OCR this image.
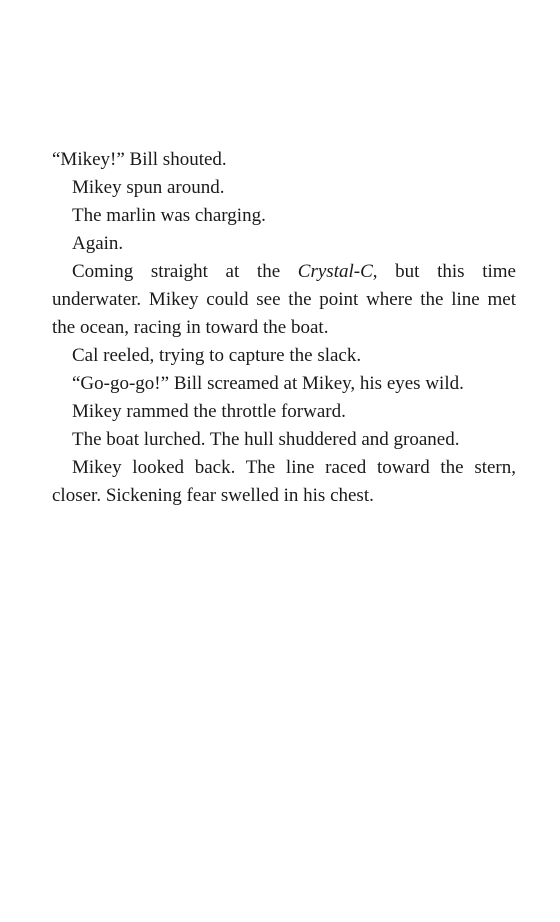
“Mikey!” Bill shouted.

Mikey spun around.

The marlin was charging.

Again.

Coming straight at the Crystal-C, but this time underwater. Mikey could see the point where the line met the ocean, racing in toward the boat.

Cal reeled, trying to capture the slack.

“Go-go-go!” Bill screamed at Mikey, his eyes wild.

Mikey rammed the throttle forward.

The boat lurched. The hull shuddered and groaned.

Mikey looked back. The line raced toward the stern, closer. Sickening fear swelled in his chest.
